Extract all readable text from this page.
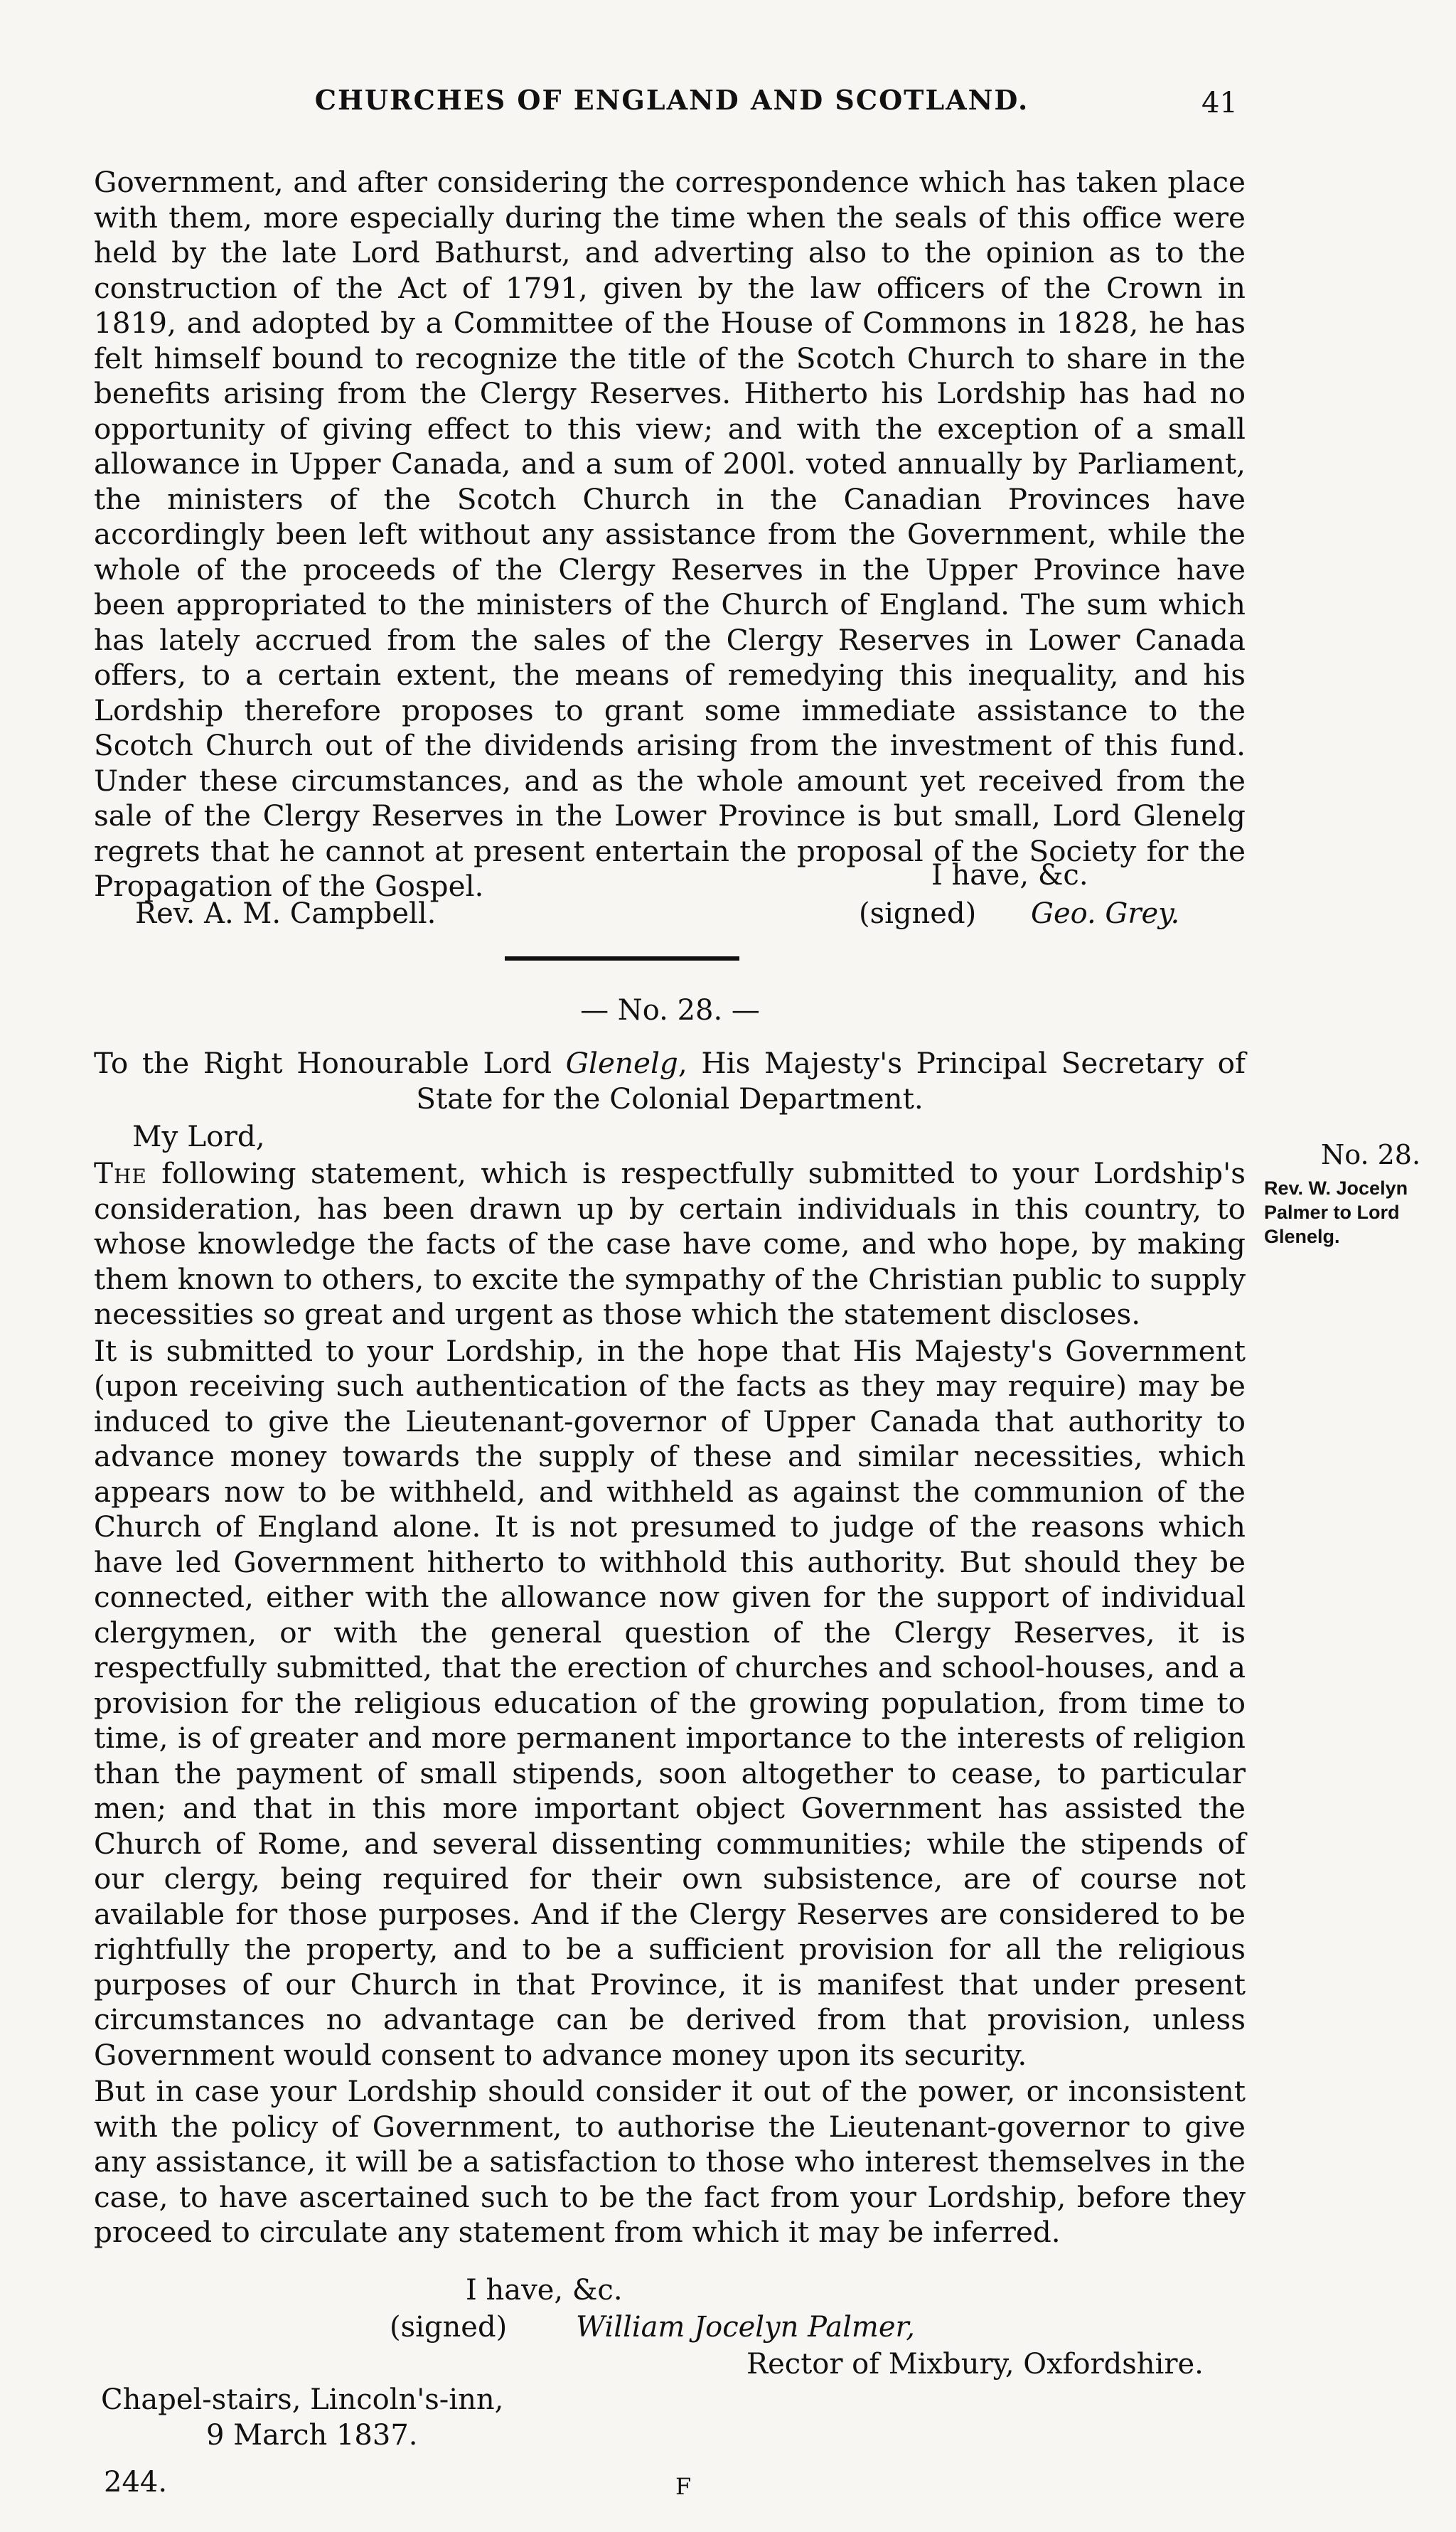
CHURCHES OF ENGLAND AND SCOTLAND.	41

Government, and after considering the correspondence which has taken place with them, more especially during the time when the seals of this office were held by the late Lord Bathurst, and adverting also to the opinion as to the construction of the Act of 1791, given by the law officers of the Crown in 1819, and adopted by a Committee of the House of Commons in 1828, he has felt himself bound to recognize the title of the Scotch Church to share in the benefits arising from the Clergy Reserves. Hitherto his Lordship has had no opportunity of giving effect to this view; and with the exception of a small allowance in Upper Canada, and a sum of 200l. voted annually by Parliament, the ministers of the Scotch Church in the Canadian Provinces have accordingly been left without any assistance from the Government, while the whole of the proceeds of the Clergy Reserves in the Upper Province have been appropriated to the ministers of the Church of England. The sum which has lately accrued from the sales of the Clergy Reserves in Lower Canada offers, to a certain extent, the means of remedying this inequality, and his Lordship therefore proposes to grant some immediate assistance to the Scotch Church out of the dividends arising from the investment of this fund. Under these circumstances, and as the whole amount yet received from the sale of the Clergy Reserves in the Lower Province is but small, Lord Glenelg regrets that he cannot at present entertain the proposal of the Society for the Propagation of the Gospel.	I have, &c.
Rev. A. M. Campbell.	(signed) Geo. Grey.
— No. 28. —
To the Right Honourable Lord Glenelg, His Majesty's Principal Secretary of
State for the Colonial Department.
My Lord,

The following statement, which is respectfully submitted to your Lordship's consideration, has been drawn up by certain individuals in this country, to whose knowledge the facts of the case have come, and who hope, by making them known to others, to excite the sympathy of the Christian public to supply necessities so great and urgent as those which the statement discloses.

It is submitted to your Lordship, in the hope that His Majesty's Government (upon receiving such authentication of the facts as they may require) may be induced to give the Lieutenant-governor of Upper Canada that authority to advance money towards the supply of these and similar necessities, which appears now to be withheld, and withheld as against the communion of the Church of England alone. It is not presumed to judge of the reasons which have led Government hitherto to withhold this authority. But should they be connected, either with the allowance now given for the support of individual clergymen, or with the general question of the Clergy Reserves, it is respectfully submitted, that the erection of churches and school-houses, and a provision for the religious education of the growing population, from time to time, is of greater and more permanent importance to the interests of religion than the payment of small stipends, soon altogether to cease, to particular men; and that in this more important object Government has assisted the Church of Rome, and several dissenting communities; while the stipends of our clergy, being required for their own subsistence, are of course not available for those purposes. And if the Clergy Reserves are considered to be rightfully the property, and to be a sufficient provision for all the religious purposes of our Church in that Province, it is manifest that under present circumstances no advantage can be derived from that provision, unless Government would consent to advance money upon its security.

But in case your Lordship should consider it out of the power, or inconsistent with the policy of Government, to authorise the Lieutenant-governor to give any assistance, it will be a satisfaction to those who interest themselves in the case, to have ascertained such to be the fact from your Lordship, before they proceed to circulate any statement from which it may be inferred.

I have, &c.
(signed) William Jocelyn Palmer,
Rector of Mixbury, Oxfordshire.
Chapel-stairs, Lincoln's-inn,
9 March 1837.
No. 28.
Rev. W. Jocelyn Palmer to Lord Glenelg.
244.	F
